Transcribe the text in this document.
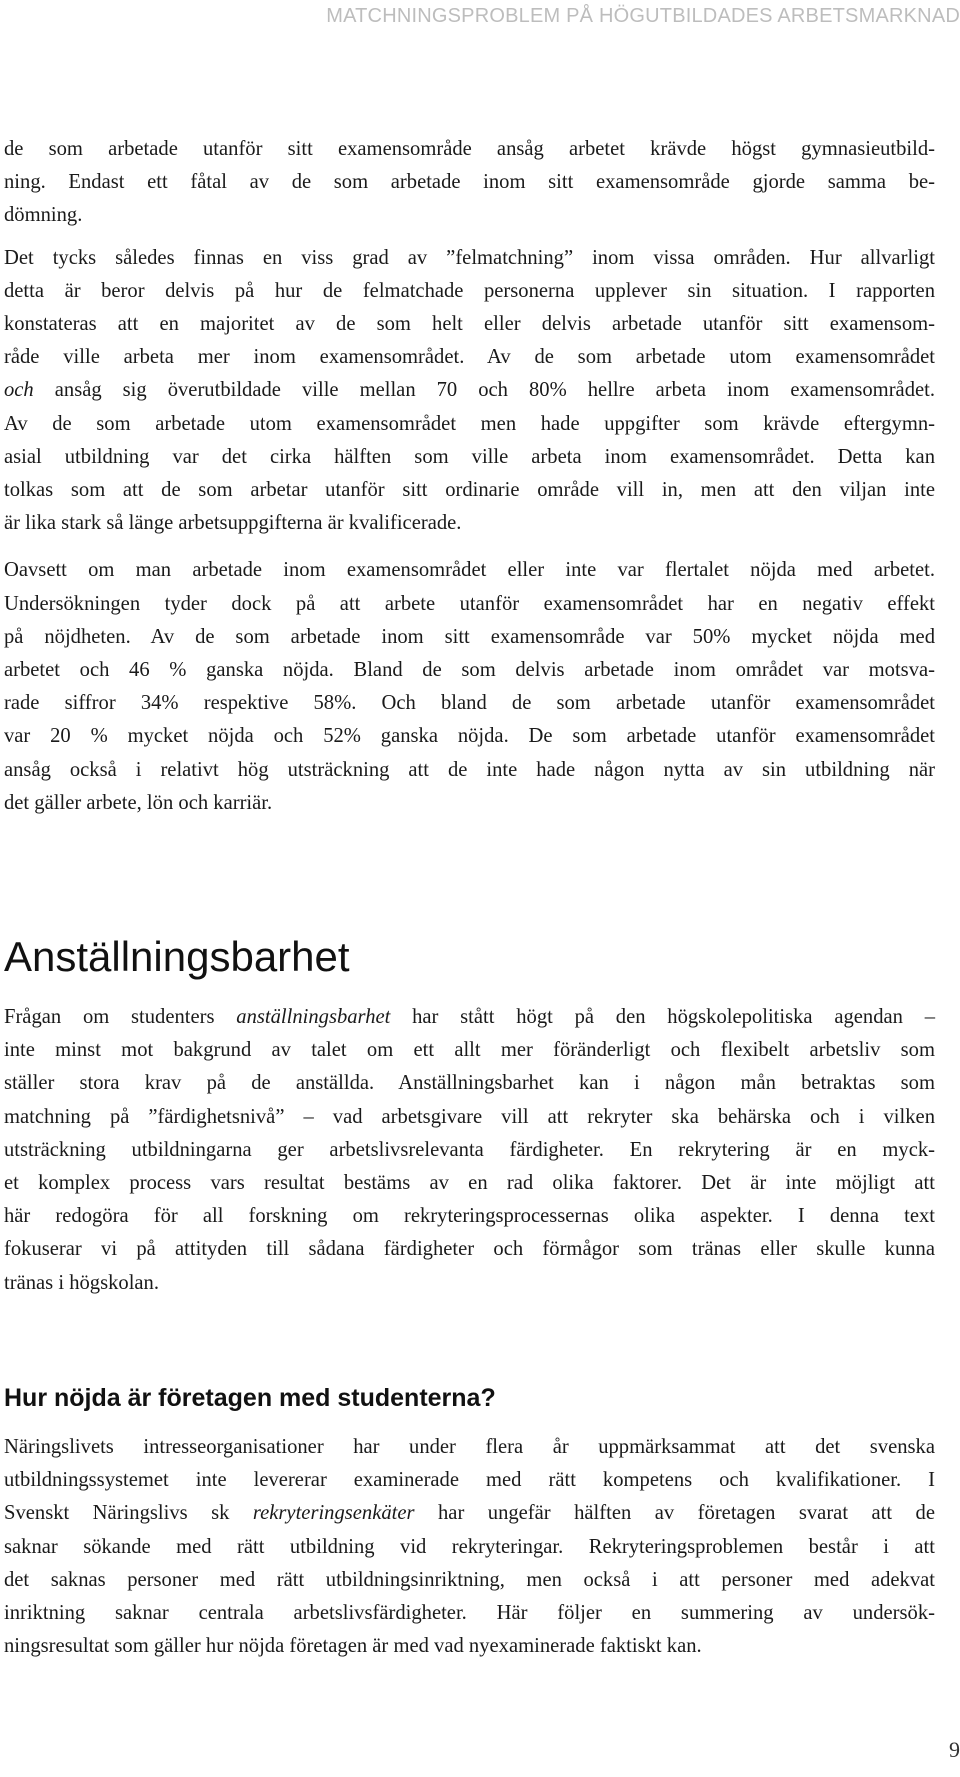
MATCHNINGSPROBLEM PÅ HÖGUTBILDADES ARBETSMARKNAD

de som arbetade utanför sitt examensområde ansåg arbetet krävde högst gymnasieutbild-
ning. Endast ett fåtal av de som arbetade inom sitt examensområde gjorde samma be-
dömning.

Det tycks således finnas en viss grad av ”felmatchning” inom vissa områden. Hur allvarligt
detta är beror delvis på hur de felmatchade personerna upplever sin situation. I rapporten
konstateras att en majoritet av de som helt eller delvis arbetade utanför sitt examensom-
råde ville arbeta mer inom examensområdet. Av de som arbetade utom examensområdet
och ansåg sig överutbildade ville mellan 70 och 80% hellre arbeta inom examensområdet.
Av de som arbetade utom examensområdet men hade uppgifter som krävde eftergymn-
asial utbildning var det cirka hälften som ville arbeta inom examensområdet. Detta kan
tolkas som att de som arbetar utanför sitt ordinarie område vill in, men att den viljan inte
är lika stark så länge arbetsuppgifterna är kvalificerade.

Oavsett om man arbetade inom examensområdet eller inte var flertalet nöjda med arbetet.
Undersökningen tyder dock på att arbete utanför examensområdet har en negativ effekt
på nöjdheten. Av de som arbetade inom sitt examensområde var 50% mycket nöjda med
arbetet och 46 % ganska nöjda. Bland de som delvis arbetade inom området var motsva-
rade siffror 34% respektive 58%. Och bland de som arbetade utanför examensområdet
var 20 % mycket nöjda och 52% ganska nöjda. De som arbetade utanför examensområdet
ansåg också i relativt hög utsträckning att de inte hade någon nytta av sin utbildning när
det gäller arbete, lön och karriär.

Anställningsbarhet

Frågan om studenters anställningsbarhet har stått högt på den högskolepolitiska agendan –
inte minst mot bakgrund av talet om ett allt mer föränderligt och flexibelt arbetsliv som
ställer stora krav på de anställda. Anställningsbarhet kan i någon mån betraktas som
matchning på ”färdighetsnivå” – vad arbetsgivare vill att rekryter ska behärska och i vilken
utsträckning utbildningarna ger arbetslivsrelevanta färdigheter. En rekrytering är en myck-
et komplex process vars resultat bestäms av en rad olika faktorer. Det är inte möjligt att
här redogöra för all forskning om rekryteringsprocessernas olika aspekter. I denna text
fokuserar vi på attityden till sådana färdigheter och förmågor som tränas eller skulle kunna
tränas i högskolan.

Hur nöjda är företagen med studenterna?

Näringslivets intresseorganisationer har under flera år uppmärksammat att det svenska
utbildningssystemet inte levererar examinerade med rätt kompetens och kvalifikationer. I
Svenskt Näringslivs sk rekryteringsenkäter har ungefär hälften av företagen svarat att de
saknar sökande med rätt utbildning vid rekryteringar. Rekryteringsproblemen består i att
det saknas personer med rätt utbildningsinriktning, men också i att personer med adekvat
inriktning saknar centrala arbetslivsfärdigheter. Här följer en summering av undersök-
ningsresultat som gäller hur nöjda företagen är med vad nyexaminerade faktiskt kan.

9
